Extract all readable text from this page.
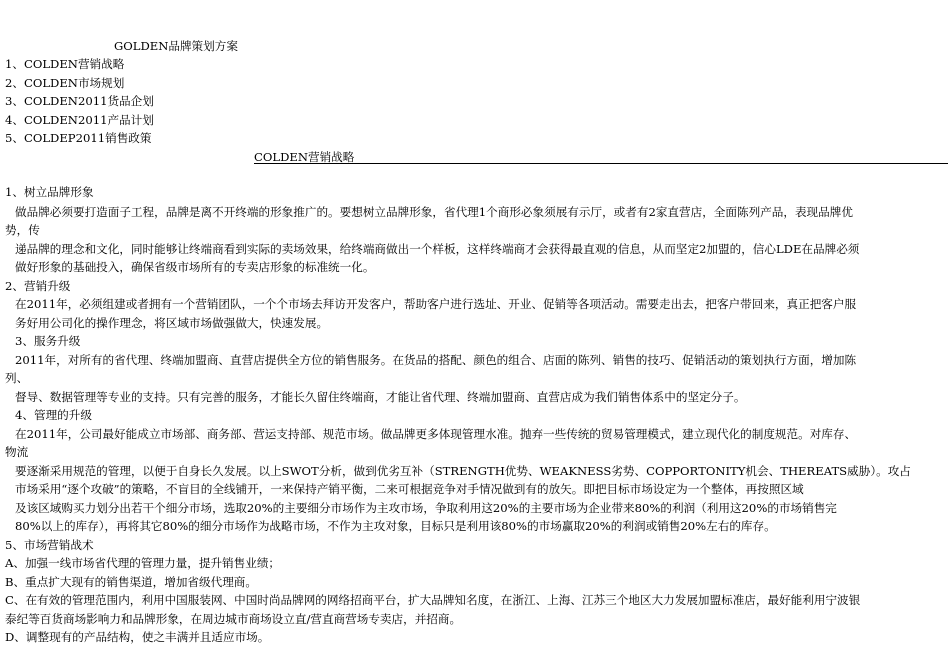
GOLDEN品牌策划方案
1、COLDEN营销战略
2、COLDEN市场规划
3、COLDEN2011货品企划
4、COLDEN2011产品计划
5、COLDEP2011销售政策
COLDEN营销战略
1、树立品牌形象
做品牌必须要打造面子工程，品牌是离不开终端的形象推广的。要想树立品牌形象，省代理1个商形必象须展有示厅，或者有2家直营店，全面陈列产品，表现品牌优
势，传
递品牌的理念和文化，同时能够让终端商看到实际的卖场效果，给终端商做出一个样板，这样终端商才会获得最直观的信息，从而坚定2加盟的，信心LDE在品牌必须
做好形象的基础投入，确保省级市场所有的专卖店形象的标准统一化。
2、营销升级
在2011年，必须组建或者拥有一个营销团队，一个个市场去拜访开发客户，帮助客户进行选址、开业、促销等各项活动。需要走出去，把客户带回来，真正把客户服
务好用公司化的操作理念，将区域市场做强做大，快速发展。
3、服务升级
2011年，对所有的省代理、终端加盟商、直营店提供全方位的销售服务。在货品的搭配、颜色的组合、店面的陈列、销售的技巧、促销活动的策划执行方面，增加陈
列、
督导、数据管理等专业的支持。只有完善的服务，才能长久留住终端商，才能让省代理、终端加盟商、直营店成为我们销售体系中的坚定分子。
4、管理的升级
在2011年，公司最好能成立市场部、商务部、营运支持部、规范市场。做品牌更多体现管理水准。抛弃一些传统的贸易管理模式，建立现代化的制度规范。对库存、
物流
要逐渐采用规范的管理，以便于自身长久发展。以上SWOT分析，做到优劣互补（STRENGTH优势、WEAKNESS劣势、COPPORTONITY机会、THEREATS威胁）。攻占
市场采用“逐个攻破”的策略，不盲目的全线铺开，一来保持产销平衡，二来可根据竞争对手情况做到有的放矢。即把目标市场设定为一个整体，再按照区域
及该区域购买力划分出若干个细分市场，选取20%的主要细分市场作为主攻市场，争取利用这20%的主要市场为企业带来80%的利润（利用这20%的市场销售完
80%以上的库存），再将其它80%的细分市场作为战略市场，不作为主攻对象，目标只是利用该80%的市场赢取20%的利润或销售20%左右的库存。
5、市场营销战术
A、加强一线市场省代理的管理力量，提升销售业绩；
B、重点扩大现有的销售渠道，增加省级代理商。
C、在有效的管理范围内，利用中国服装网、中国时尚品牌网的网络招商平台，扩大品牌知名度，在浙江、上海、江苏三个地区大力发展加盟标准店，最好能利用宁波银
泰纪等百货商场影响力和品牌形象，在周边城市商场设立直/营直商营场专卖店，并招商。
D、调整现有的产品结构，使之丰满并且适应市场。
